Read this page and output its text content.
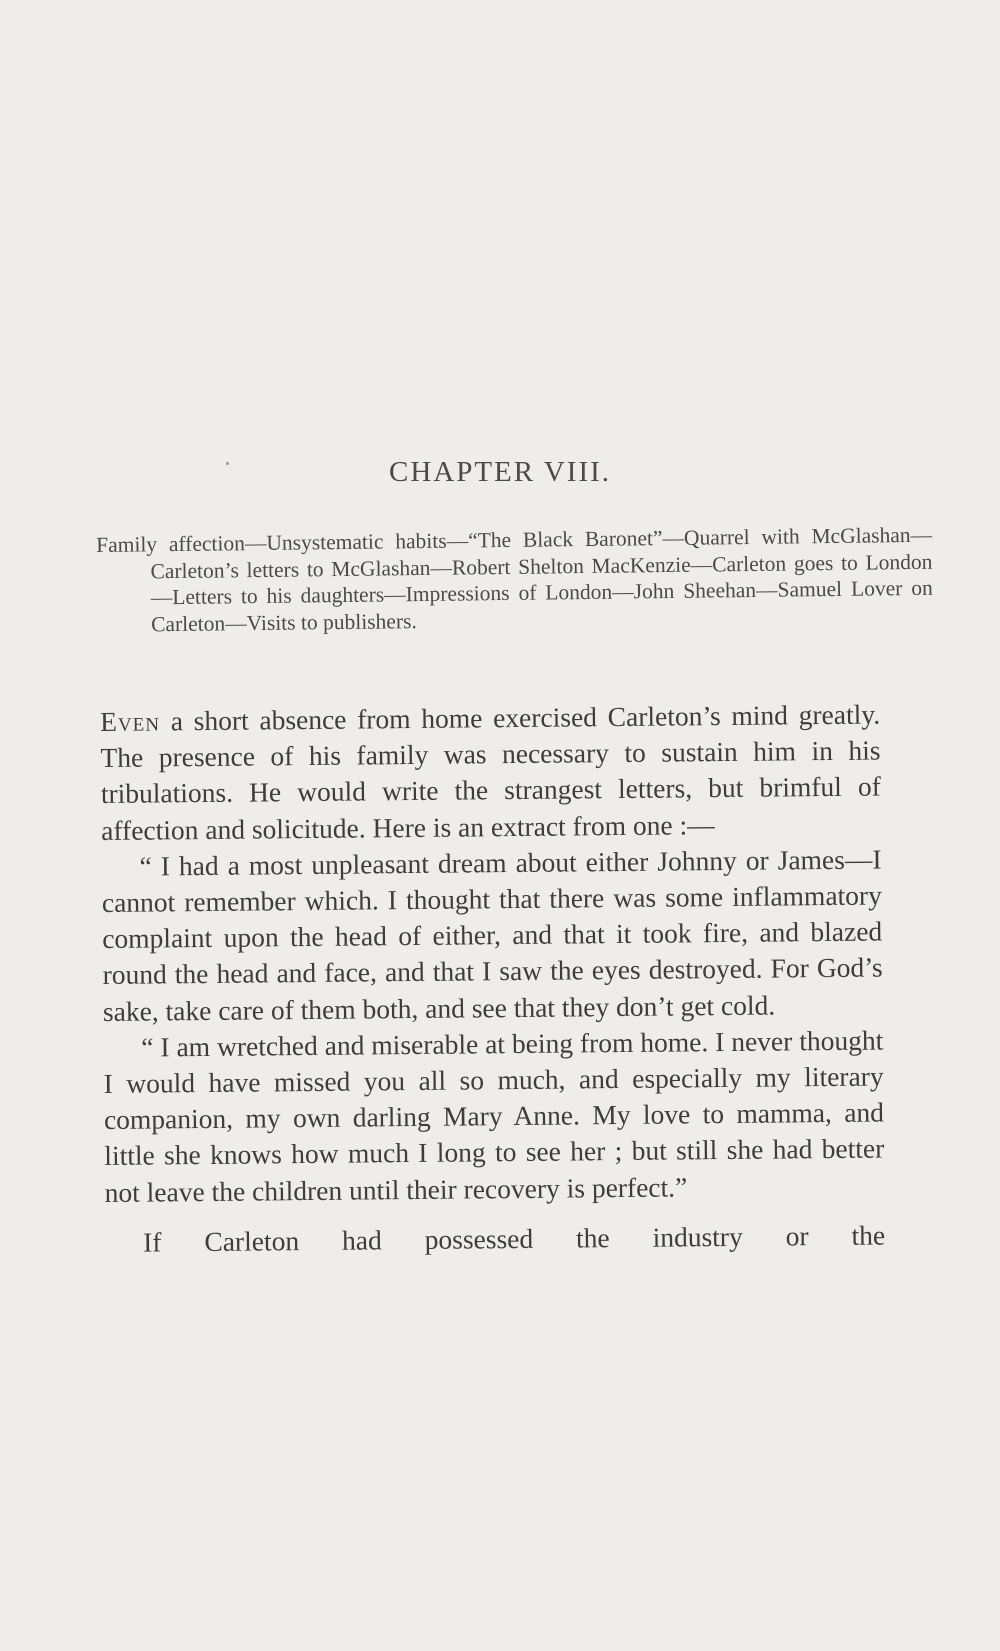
CHAPTER VIII.
Family affection—Unsystematic habits—“The Black Baronet”—Quarrel with McGlashan—Carleton’s letters to McGlashan—Robert Shelton MacKenzie—Carleton goes to London—Letters to his daughters—Impressions of London—John Sheehan—Samuel Lover on Carleton—Visits to publishers.

Even a short absence from home exercised Carleton’s mind greatly. The presence of his family was necessary to sustain him in his tribulations. He would write the strangest letters, but brimful of affection and solicitude. Here is an extract from one :—

“ I had a most unpleasant dream about either Johnny or James—I cannot remember which. I thought that there was some inflammatory complaint upon the head of either, and that it took fire, and blazed round the head and face, and that I saw the eyes destroyed. For God’s sake, take care of them both, and see that they don’t get cold.

“ I am wretched and miserable at being from home. I never thought I would have missed you all so much, and especially my literary companion, my own darling Mary Anne. My love to mamma, and little she knows how much I long to see her ; but still she had better not leave the children until their recovery is perfect.”

If Carleton had possessed the industry or the
